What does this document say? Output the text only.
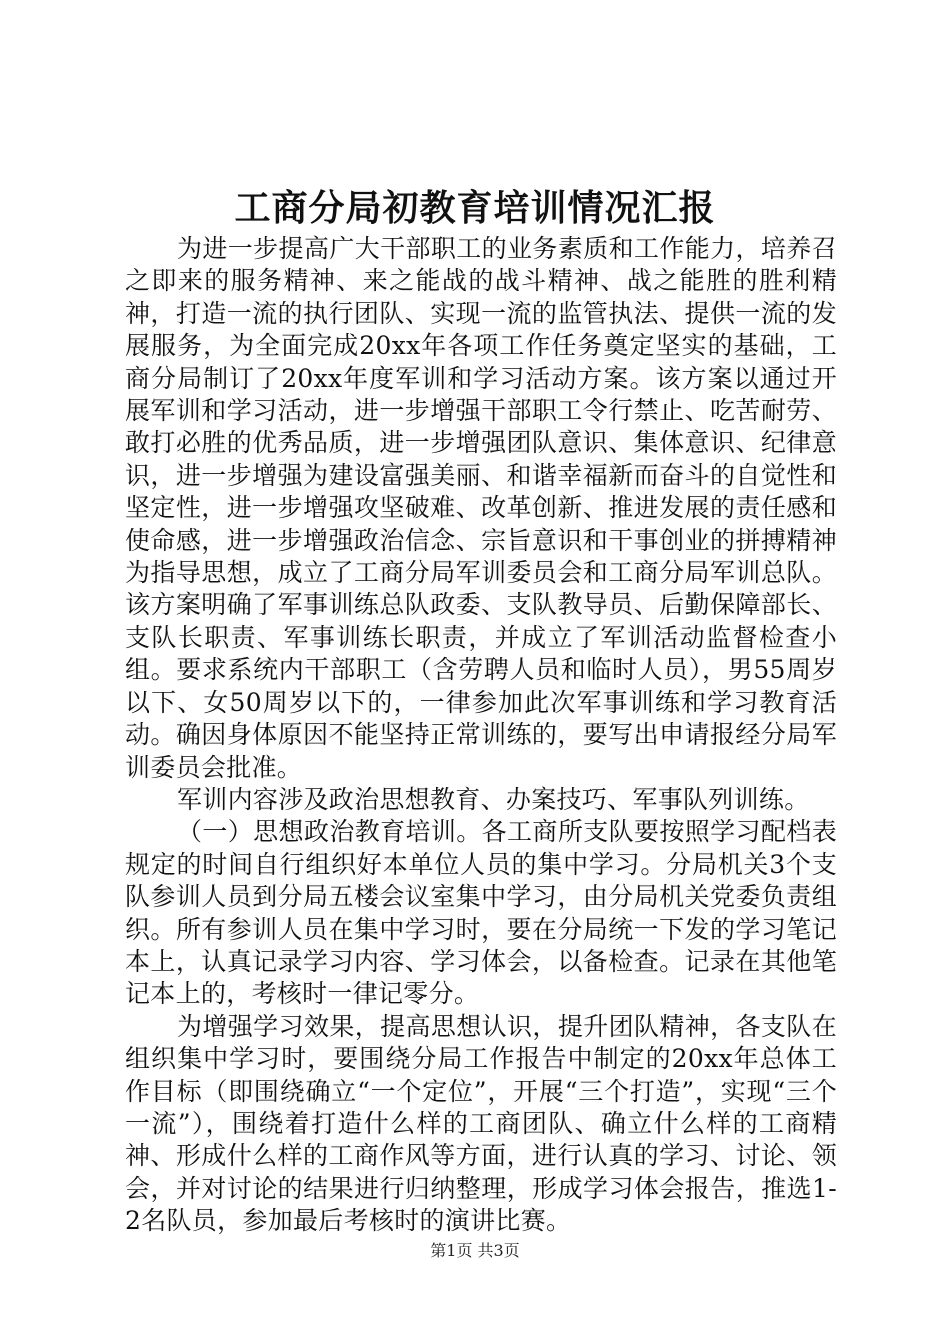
工商分局初教育培训情况汇报

为进一步提高广大干部职工的业务素质和工作能力，培养召之即来的服务精神、来之能战的战斗精神、战之能胜的胜利精神，打造一流的执行团队、实现一流的监管执法、提供一流的发展服务，为全面完成20xx年各项工作任务奠定坚实的基础，工商分局制订了20xx年度军训和学习活动方案。该方案以通过开展军训和学习活动，进一步增强干部职工令行禁止、吃苦耐劳、敢打必胜的优秀品质，进一步增强团队意识、集体意识、纪律意识，进一步增强为建设富强美丽、和谐幸福新而奋斗的自觉性和坚定性，进一步增强攻坚破难、改革创新、推进发展的责任感和使命感，进一步增强政治信念、宗旨意识和干事创业的拼搏精神为指导思想，成立了工商分局军训委员会和工商分局军训总队。该方案明确了军事训练总队政委、支队教导员、后勤保障部长、支队长职责、军事训练长职责，并成立了军训活动监督检查小组。要求系统内干部职工（含劳聘人员和临时人员），男55周岁以下、女50周岁以下的，一律参加此次军事训练和学习教育活动。确因身体原因不能坚持正常训练的，要写出申请报经分局军训委员会批准。

军训内容涉及政治思想教育、办案技巧、军事队列训练。

（一）思想政治教育培训。各工商所支队要按照学习配档表规定的时间自行组织好本单位人员的集中学习。分局机关3个支队参训人员到分局五楼会议室集中学习，由分局机关党委负责组织。所有参训人员在集中学习时，要在分局统一下发的学习笔记本上，认真记录学习内容、学习体会，以备检查。记录在其他笔记本上的，考核时一律记零分。

为增强学习效果，提高思想认识，提升团队精神，各支队在组织集中学习时，要围绕分局工作报告中制定的20xx年总体工作目标（即围绕确立“一个定位”，开展“三个打造”，实现“三个一流”），围绕着打造什么样的工商团队、确立什么样的工商精神、形成什么样的工商作风等方面，进行认真的学习、讨论、领会，并对讨论的结果进行归纳整理，形成学习体会报告，推选1-2名队员，参加最后考核时的演讲比赛。

第1页 共3页
